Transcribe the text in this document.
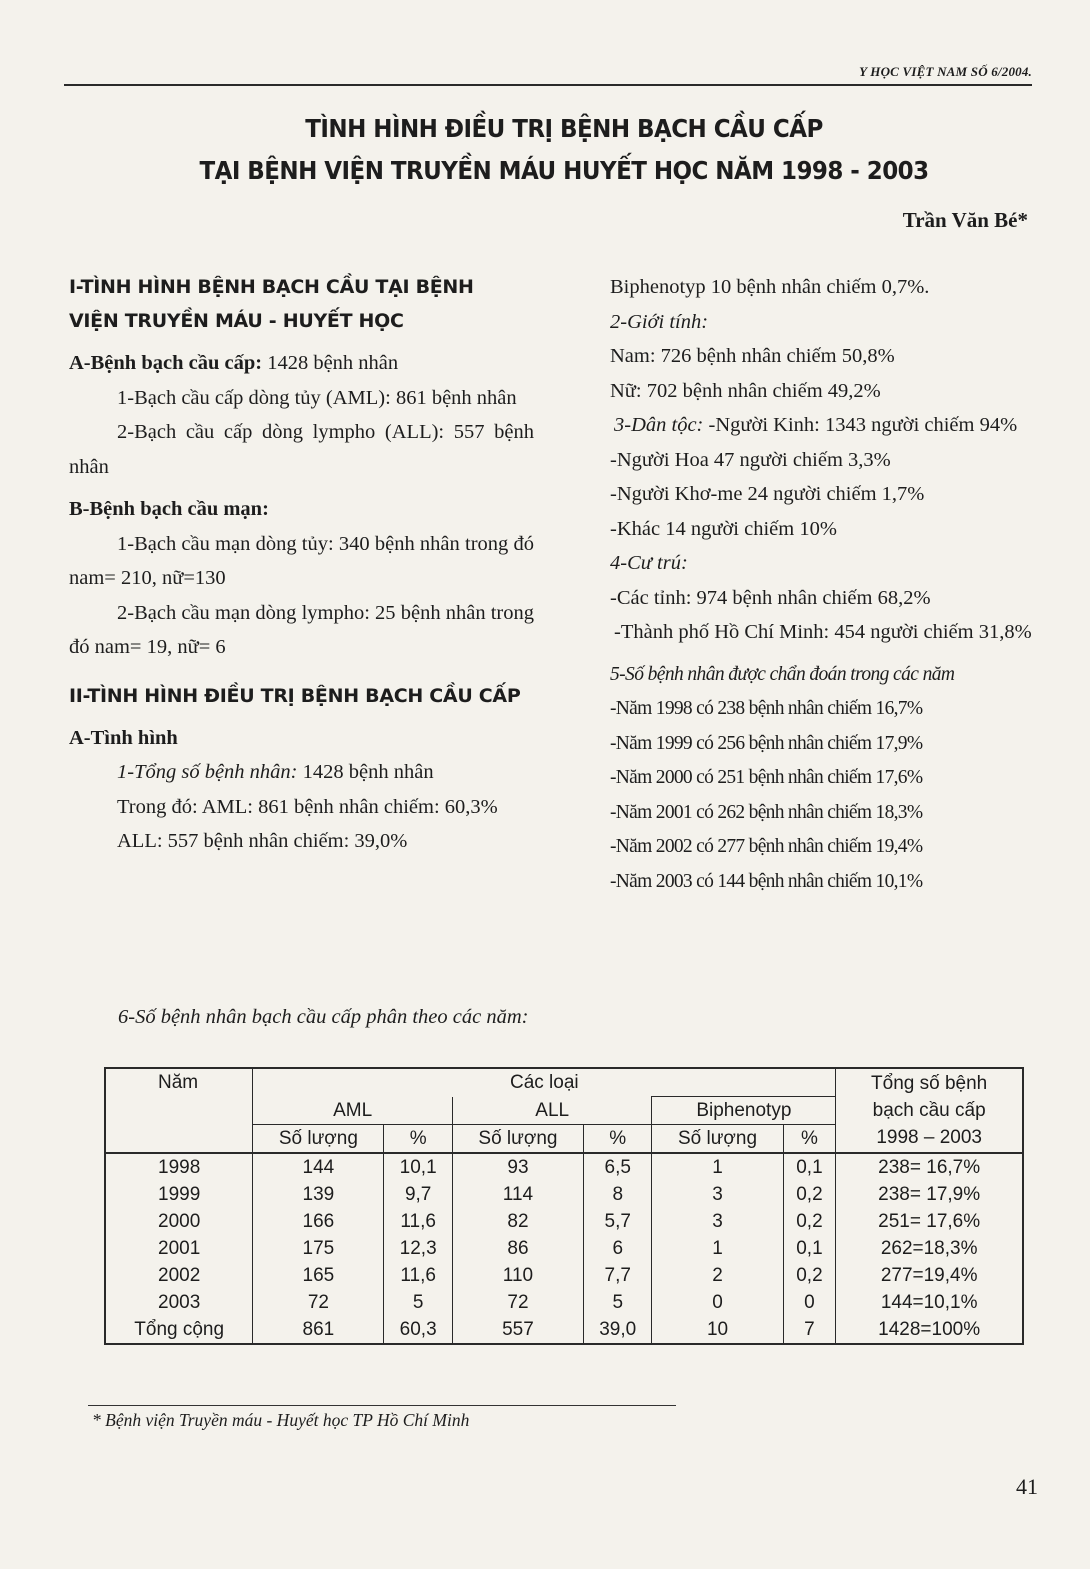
Y HỌC VIỆT NAM SỐ 6/2004.
TÌNH HÌNH ĐIỀU TRỊ BỆNH BẠCH CẦU CẤP
TẠI BỆNH VIỆN TRUYỀN MÁU HUYẾT HỌC NĂM 1998 - 2003
Trần Văn Bé*
I-TÌNH HÌNH BỆNH BẠCH CẦU TẠI BỆNH
VIỆN TRUYỀN MÁU - HUYẾT HỌC
A-Bệnh bạch cầu cấp: 1428 bệnh nhân
1-Bạch cầu cấp dòng tủy (AML): 861 bệnh nhân
2-Bạch cầu cấp dòng lympho (ALL): 557 bệnh nhân
B-Bệnh bạch cầu mạn:
1-Bạch cầu mạn dòng tủy: 340 bệnh nhân trong đó nam= 210, nữ=130
2-Bạch cầu mạn dòng lympho: 25 bệnh nhân trong đó nam= 19, nữ= 6
II-TÌNH HÌNH ĐIỀU TRỊ BỆNH BẠCH CẦU CẤP
A-Tình hình
1-Tổng số bệnh nhân: 1428 bệnh nhân
Trong đó: AML: 861 bệnh nhân chiếm: 60,3%
ALL: 557 bệnh nhân chiếm: 39,0%
Biphenotyp 10 bệnh nhân chiếm 0,7%.
2-Giới tính:
Nam: 726 bệnh nhân chiếm 50,8%
Nữ: 702 bệnh nhân chiếm 49,2%
3-Dân tộc: -Người Kinh: 1343 người chiếm 94%
-Người Hoa 47 người chiếm 3,3%
-Người Khơ-me 24 người chiếm 1,7%
-Khác 14 người chiếm 10%
4-Cư trú:
-Các tỉnh: 974 bệnh nhân chiếm 68,2%
-Thành phố Hồ Chí Minh: 454 người chiếm 31,8%
5-Số bệnh nhân được chẩn đoán trong các năm
-Năm 1998 có 238 bệnh nhân chiếm 16,7%
-Năm 1999 có 256 bệnh nhân chiếm 17,9%
-Năm 2000 có 251 bệnh nhân chiếm 17,6%
-Năm 2001 có 262 bệnh nhân chiếm 18,3%
-Năm 2002 có 277 bệnh nhân chiếm 19,4%
-Năm 2003 có 144 bệnh nhân chiếm 10,1%
6-Số bệnh nhân bạch cầu cấp phân theo các năm:
Năm	Các loại						Tổng số bệnh
bạch cầu cấp
1998 – 2003

	AML		ALL		Biphenotyp		
	Số lượng	%	Số lượng	%	Số lượng	%	
1998	144	10,1	93	6,5	1	0,1	238= 16,7%
1999	139	9,7	114	8	3	0,2	238= 17,9%
2000	166	11,6	82	5,7	3	0,2	251= 17,6%
2001	175	12,3	86	6	1	0,1	262=18,3%
2002	165	11,6	110	7,7	2	0,2	277=19,4%
2003	72	5	72	5	0	0	144=10,1%
Tổng cộng	861	60,3	557	39,0	10	7	1428=100%
* Bệnh viện Truyền máu - Huyết học TP Hồ Chí Minh
41
